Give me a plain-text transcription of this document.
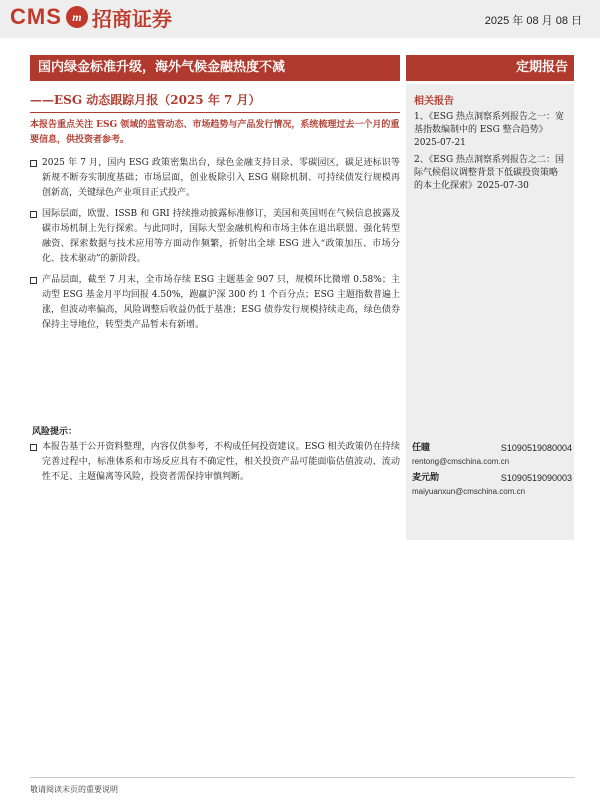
CMS m 招商证券	2025 年 08 月 08 日
国内绿金标准升级，海外气候金融热度不减	定期报告
——ESG 动态跟踪月报（2025 年 7 月）
本报告重点关注 ESG 领域的监管动态、市场趋势与产品发行情况，系统梳理过去一个月的重要信息，供投资者参考。
2025 年 7 月，国内 ESG 政策密集出台，绿色金融支持目录、零碳园区，碳足迹标识等新规不断夯实制度基础；市场层面，创业板除引入 ESG 剔除机制、可持续债发行规模再创新高，关键绿色产业项目正式投产。
国际层面，欧盟、ISSB 和 GRI 持续推动披露标准修订，美国和英国则在气候信息披露及碳市场机制上先行探索。与此同时，国际大型金融机构和市场主体在退出联盟、强化转型融资、探索数据与技术应用等方面动作频繁，折射出全球 ESG 进入“政策加压、市场分化、技术驱动”的新阶段。
产品层面，截至 7 月末，全市场存续 ESG 主题基金 907 只，规模环比微增 0.58%；主动型 ESG 基金月平均回报 4.50%，跑赢沪深 300 约 1 个百分点；ESG 主题指数普遍上涨，但波动率偏高，风险调整后收益仍低于基准；ESG 债券发行规模持续走高，绿色债券保持主导地位，转型类产品暂未有新增。
风险提示：
本报告基于公开资料整理，内容仅供参考，不构成任何投资建议。ESG 相关政策仍在持续完善过程中，标准体系和市场反应具有不确定性，相关投资产品可能面临估值波动、流动性不足、主题偏离等风险，投资者需保持审慎判断。
相关报告
1、《ESG 热点洞察系列报告之一：宽基指数编制中的 ESG 整合趋势》2025-07-21
2、《ESG 热点洞察系列报告之二：国际气候倡议调整背景下低碳投资策略的本土化探索》2025-07-30
任瞳	S1090519080004
rentong@cmschina.com.cn
麦元勋	S1090519090003
maiyuanxun@cmschina.com.cn
敬请阅读末页的重要说明
